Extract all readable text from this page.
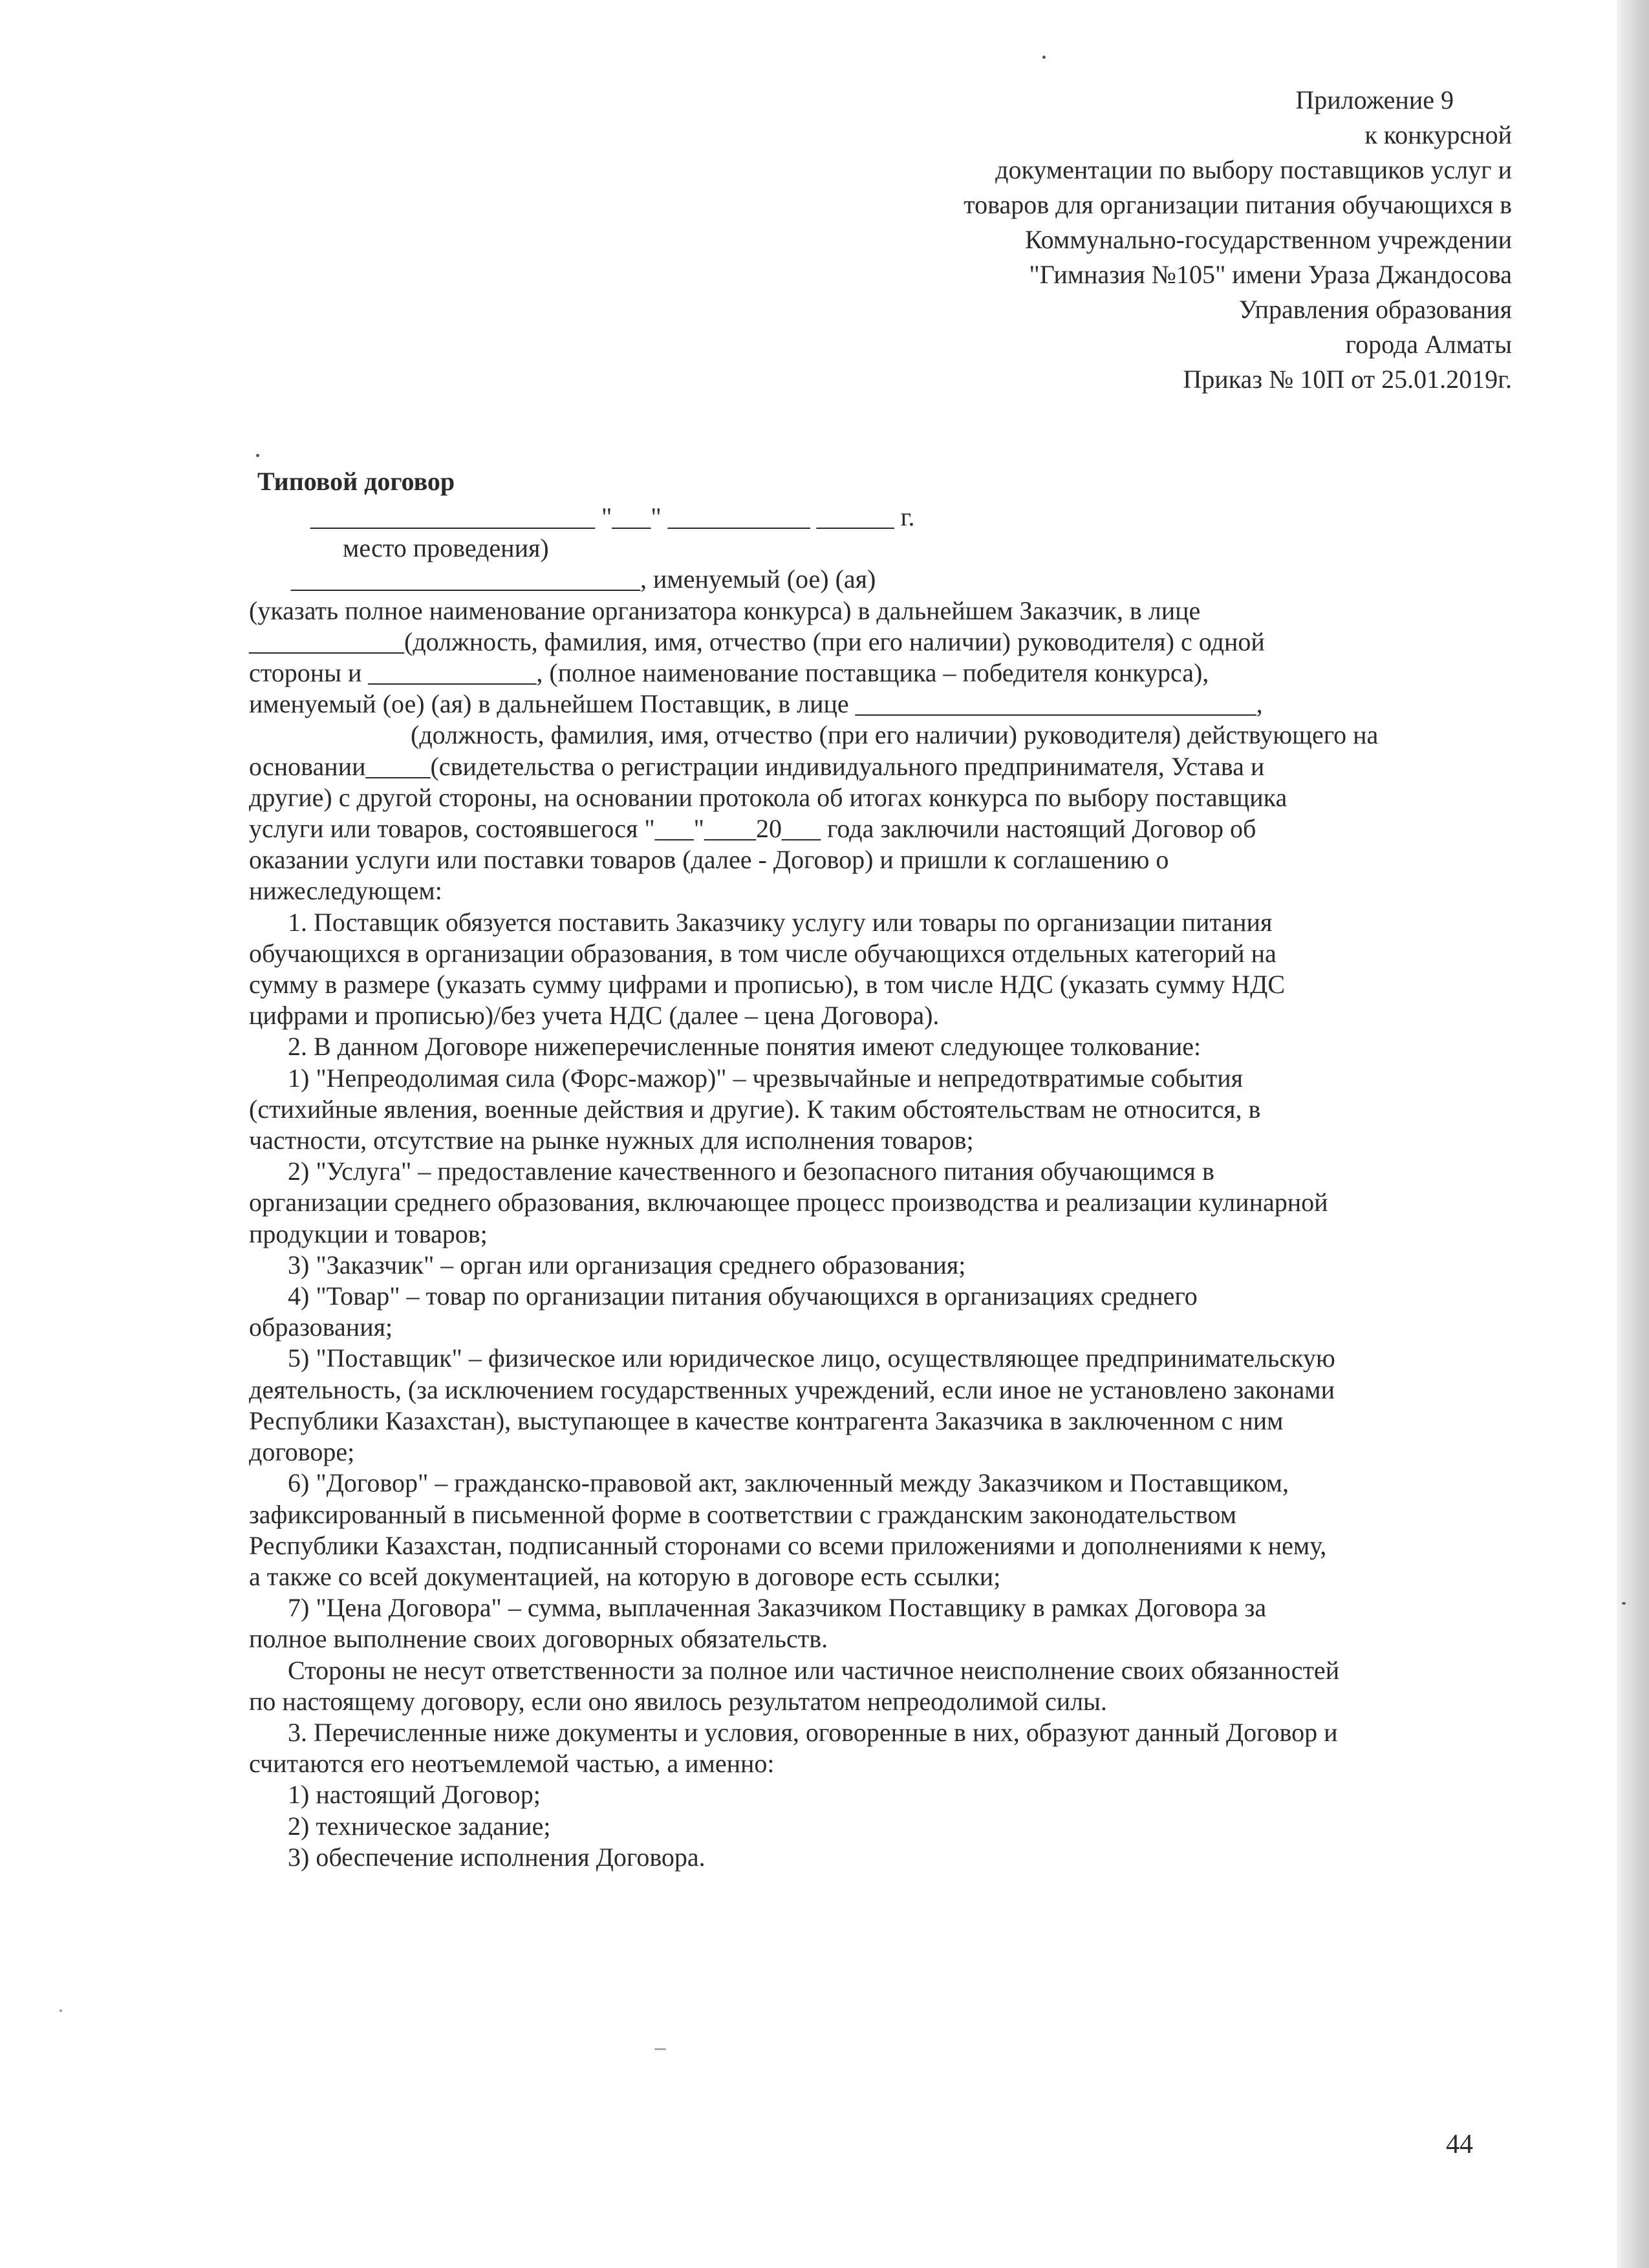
Приложение 9
к конкурсной
документации по выбору поставщиков услуг и
товаров для организации питания обучающихся в
Коммунально-государственном учреждении
"Гимназия №105" имени Ураза Джандосова
Управления образования
города Алматы
Приказ № 10П от 25.01.2019г.
Типовой договор
______________________ "___" ___________ ______ г.
место проведения)
___________________________, именуемый (ое) (ая)
(указать полное наименование организатора конкурса) в дальнейшем Заказчик, в лице
____________(должность, фамилия, имя, отчество (при его наличии) руководителя) с одной
стороны и _____________, (полное наименование поставщика – победителя конкурса),
именуемый (ое) (ая) в дальнейшем Поставщик, в лице _______________________________,
(должность, фамилия, имя, отчество (при его наличии) руководителя) действующего на
основании_____(свидетельства о регистрации индивидуального предпринимателя, Устава и
другие) с другой стороны, на основании протокола об итогах конкурса по выбору поставщика
услуги или товаров, состоявшегося "___"____20___ года заключили настоящий Договор об
оказании услуги или поставки товаров (далее - Договор) и пришли к соглашению о
нижеследующем:
1. Поставщик обязуется поставить Заказчику услугу или товары по организации питания
обучающихся в организации образования, в том числе обучающихся отдельных категорий на
сумму в размере (указать сумму цифрами и прописью), в том числе НДС (указать сумму НДС
цифрами и прописью)/без учета НДС (далее – цена Договора).
2. В данном Договоре нижеперечисленные понятия имеют следующее толкование:
1) "Непреодолимая сила (Форс-мажор)" – чрезвычайные и непредотвратимые события
(стихийные явления, военные действия и другие). К таким обстоятельствам не относится, в
частности, отсутствие на рынке нужных для исполнения товаров;
2) "Услуга" – предоставление качественного и безопасного питания обучающимся в
организации среднего образования, включающее процесс производства и реализации кулинарной
продукции и товаров;
3) "Заказчик" – орган или организация среднего образования;
4) "Товар" – товар по организации питания обучающихся в организациях среднего
образования;
5) "Поставщик" – физическое или юридическое лицо, осуществляющее предпринимательскую
деятельность, (за исключением государственных учреждений, если иное не установлено законами
Республики Казахстан), выступающее в качестве контрагента Заказчика в заключенном с ним
договоре;
6) "Договор" – гражданско-правовой акт, заключенный между Заказчиком и Поставщиком,
зафиксированный в письменной форме в соответствии с гражданским законодательством
Республики Казахстан, подписанный сторонами со всеми приложениями и дополнениями к нему,
а также со всей документацией, на которую в договоре есть ссылки;
7) "Цена Договора" – сумма, выплаченная Заказчиком Поставщику в рамках Договора за
полное выполнение своих договорных обязательств.
Стороны не несут ответственности за полное или частичное неисполнение своих обязанностей
по настоящему договору, если оно явилось результатом непреодолимой силы.
3. Перечисленные ниже документы и условия, оговоренные в них, образуют данный Договор и
считаются его неотъемлемой частью, а именно:
1) настоящий Договор;
2) техническое задание;
3) обеспечение исполнения Договора.
44
